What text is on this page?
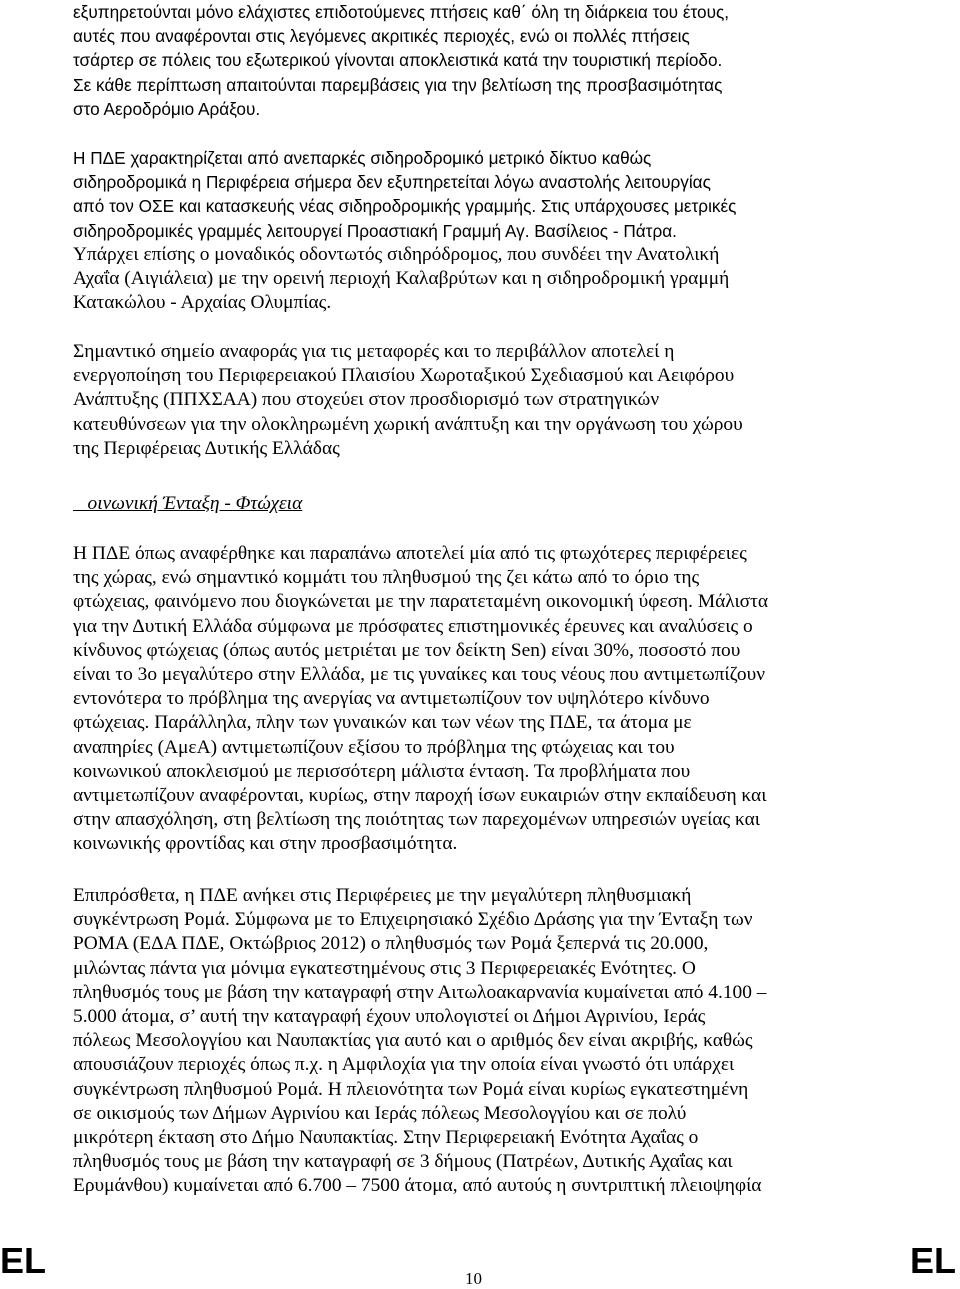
εξυπηρετούνται μόνο ελάχιστες επιδοτούμενες πτήσεις καθ΄ όλη τη διάρκεια του έτους,
αυτές που αναφέρονται στις λεγόμενες ακριτικές περιοχές, ενώ οι πολλές πτήσεις
τσάρτερ σε πόλεις του εξωτερικού γίνονται αποκλειστικά κατά την τουριστική περίοδο.
Σε κάθε περίπτωση απαιτούνται παρεμβάσεις για την βελτίωση της προσβασιμότητας
στο Αεροδρόμιο Αράξου.
Η ΠΔΕ χαρακτηρίζεται από ανεπαρκές σιδηροδρομικό μετρικό δίκτυο καθώς
σιδηροδρομικά η Περιφέρεια σήμερα δεν εξυπηρετείται λόγω αναστολής λειτουργίας
από τον ΟΣΕ και κατασκευής νέας σιδηροδρομικής γραμμής. Στις υπάρχουσες μετρικές
σιδηροδρομικές γραμμές λειτουργεί Προαστιακή Γραμμή Αγ. Βασίλειος - Πάτρα.
Υπάρχει επίσης ο μοναδικός οδοντωτός σιδηρόδρομος, που συνδέει την Ανατολική
Αχαΐα (Αιγιάλεια) με την ορεινή περιοχή Καλαβρύτων και η σιδηροδρομική γραμμή
Κατακώλου - Αρχαίας Ολυμπίας.
Σημαντικό σημείο αναφοράς για τις μεταφορές και το περιβάλλον αποτελεί η
ενεργοποίηση του Περιφερειακού Πλαισίου Χωροταξικού Σχεδιασμού και Αειφόρου
Ανάπτυξης (ΠΠΧΣΑΑ) που στοχεύει στον προσδιορισμό των στρατηγικών
κατευθύνσεων για την ολοκληρωμένη χωρική ανάπτυξη και την οργάνωση του χώρου
της Περιφέρειας Δυτικής Ελλάδας
οινωνική Ένταξη - Φτώχεια
Η ΠΔΕ όπως αναφέρθηκε και παραπάνω αποτελεί μία από τις φτωχότερες περιφέρειες
της χώρας, ενώ σημαντικό κομμάτι του πληθυσμού της ζει κάτω από το όριο της
φτώχειας, φαινόμενο που διογκώνεται με την παρατεταμένη οικονομική ύφεση. Μάλιστα
για την Δυτική Ελλάδα σύμφωνα με πρόσφατες επιστημονικές έρευνες και αναλύσεις ο
κίνδυνος φτώχειας (όπως αυτός μετριέται με τον δείκτη Sen) είναι 30%, ποσοστό που
είναι το 3ο μεγαλύτερο στην Ελλάδα, με τις γυναίκες και τους νέους που αντιμετωπίζουν
εντονότερα το πρόβλημα της ανεργίας να αντιμετωπίζουν τον υψηλότερο κίνδυνο
φτώχειας. Παράλληλα, πλην των γυναικών και των νέων της ΠΔΕ, τα άτομα με
αναπηρίες (ΑμεΑ) αντιμετωπίζουν εξίσου το πρόβλημα της φτώχειας και του
κοινωνικού αποκλεισμού με περισσότερη μάλιστα ένταση. Τα προβλήματα που
αντιμετωπίζουν αναφέρονται, κυρίως, στην παροχή ίσων ευκαιριών στην εκπαίδευση και
στην απασχόληση, στη βελτίωση της ποιότητας των παρεχομένων υπηρεσιών υγείας και
κοινωνικής φροντίδας και στην προσβασιμότητα.
Επιπρόσθετα, η ΠΔΕ ανήκει στις Περιφέρειες με την μεγαλύτερη πληθυσμιακή
συγκέντρωση Ρομά. Σύμφωνα με το Επιχειρησιακό Σχέδιο Δράσης για την Ένταξη των
ΡΟΜΑ (ΕΔΑ ΠΔΕ, Οκτώβριος 2012) ο πληθυσμός των Ρομά ξεπερνά τις 20.000,
μιλώντας πάντα για μόνιμα εγκατεστημένους στις 3 Περιφερειακές Ενότητες. Ο
πληθυσμός τους με βάση την καταγραφή στην Αιτωλοακαρνανία κυμαίνεται από 4.100 –
5.000 άτομα, σ’ αυτή την καταγραφή έχουν υπολογιστεί οι Δήμοι Αγρινίου, Ιεράς
πόλεως Μεσολογγίου και Ναυπακτίας για αυτό και ο αριθμός δεν είναι ακριβής, καθώς
απουσιάζουν περιοχές όπως π.χ. η Αμφιλοχία για την οποία είναι γνωστό ότι υπάρχει
συγκέντρωση πληθυσμού Ρομά. Η πλειονότητα των Ρομά είναι κυρίως εγκατεστημένη
σε οικισμούς των Δήμων Αγρινίου και Ιεράς πόλεως Μεσολογγίου και σε πολύ
μικρότερη έκταση στο Δήμο Ναυπακτίας. Στην Περιφερειακή Ενότητα Αχαΐας ο
πληθυσμός τους με βάση την καταγραφή σε 3 δήμους (Πατρέων, Δυτικής Αχαΐας και
Ερυμάνθου) κυμαίνεται από 6.700 – 7500 άτομα, από αυτούς η συντριπτική πλειοψηφία
EL	10	EL
